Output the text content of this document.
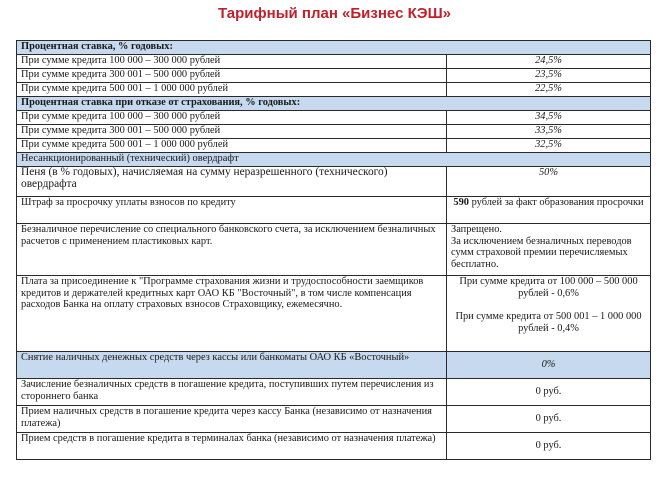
Тарифный план «Бизнес КЭШ»
Процентная ставка, % годовых:	
При сумме кредита 100 000 – 300 000 рублей	24,5%
При сумме кредита 300 001 – 500 000 рублей	23,5%
При сумме кредита 500 001 – 1 000 000 рублей	22,5%
Процентная ставка при отказе от страхования, % годовых:	
При сумме кредита 100 000 – 300 000 рублей	34,5%
При сумме кредита 300 001 – 500 000 рублей	33,5%
При сумме кредита 500 001 – 1 000 000 рублей	32,5%
Несанкционированный (технический) овердрафт	
Пеня (в % годовых), начисляемая на сумму неразрешенного (технического) овердрафта	50%
Штраф за просрочку уплаты взносов по кредиту	590 рублей за факт образования просрочки
Безналичное перечисление со специального банковского счета, за исключением безналичных расчетов с применением пластиковых карт.	Запрещено.
За исключением безналичных переводов сумм страховой премии перечисляемых бесплатно.

Плата за присоединение к "Программе страхования жизни и трудоспособности заемщиков кредитов и держателей кредитных карт ОАО КБ "Восточный", в том числе компенсация расходов Банка на оплату страховых взносов Страховщику, ежемесячно.	При сумме кредита от 100 000 – 500 000 рублей - 0,6%
При сумме кредита от 500 001 – 1 000 000 рублей - 0,4%

Снятие наличных денежных средств через кассы или банкоматы ОАО КБ «Восточный»	0%
Зачисление безналичных средств в погашение кредита, поступивших путем перечисления из стороннего банка	0 руб.
Прием наличных средств в погашение кредита через кассу Банка (независимо от назначения платежа)	0 руб.
Прием средств в погашение кредита в терминалах банка (независимо от назначения платежа)	0 руб.
